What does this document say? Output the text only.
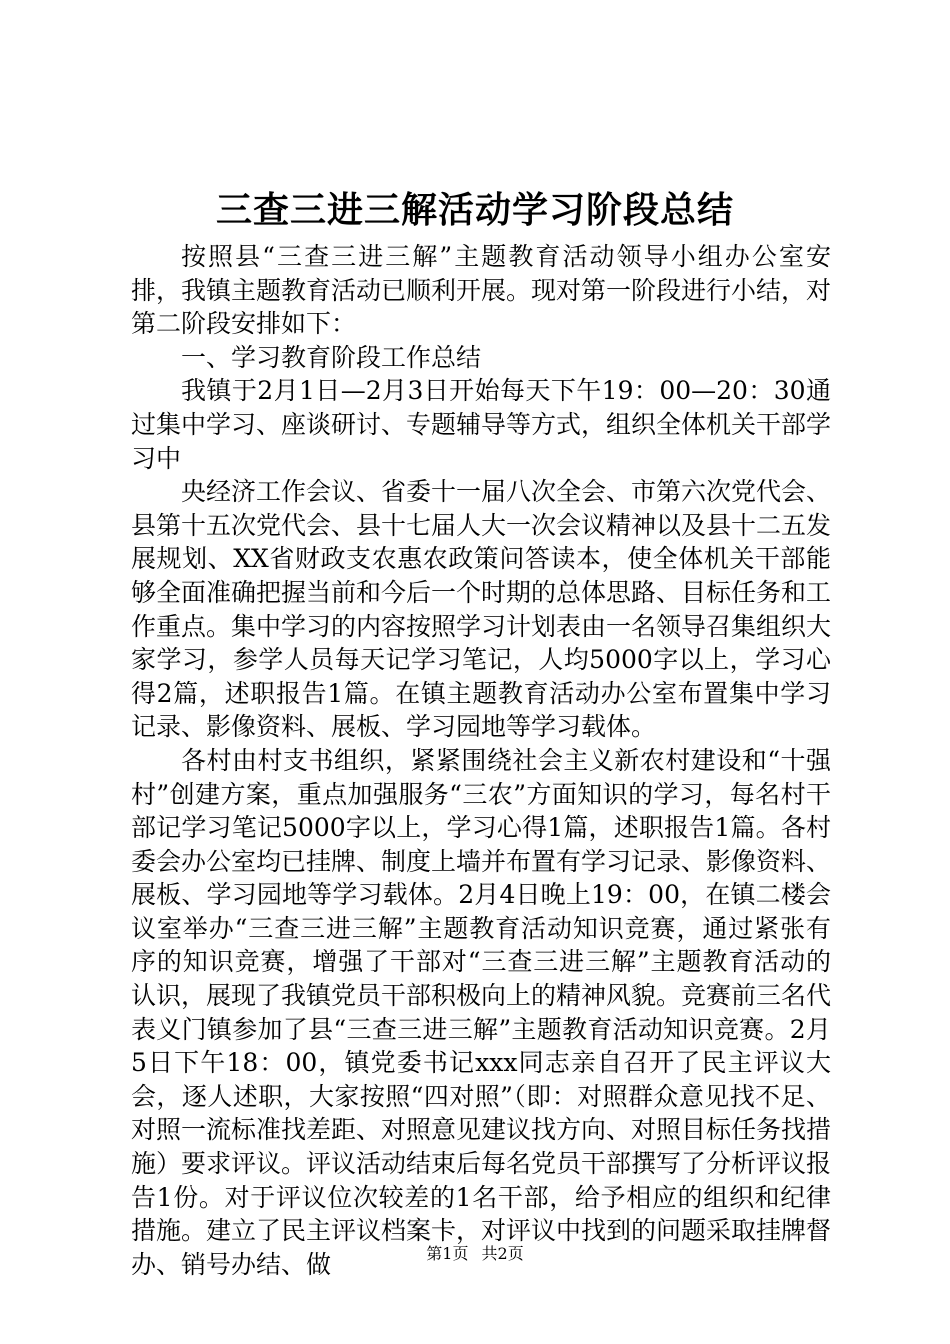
三查三进三解活动学习阶段总结

按照县“三查三进三解”主题教育活动领导小组办公室安排，我镇主题教育活动已顺利开展。现对第一阶段进行小结，对第二阶段安排如下：

一、学习教育阶段工作总结

我镇于2月1日—2月3日开始每天下午19：00—20：30通过集中学习、座谈研讨、专题辅导等方式，组织全体机关干部学习中

央经济工作会议、省委十一届八次全会、市第六次党代会、县第十五次党代会、县十七届人大一次会议精神以及县十二五发展规划、XX省财政支农惠农政策问答读本，使全体机关干部能够全面准确把握当前和今后一个时期的总体思路、目标任务和工作重点。集中学习的内容按照学习计划表由一名领导召集组织大家学习，参学人员每天记学习笔记，人均5000字以上，学习心得2篇，述职报告1篇。在镇主题教育活动办公室布置集中学习记录、影像资料、展板、学习园地等学习载体。

各村由村支书组织，紧紧围绕社会主义新农村建设和“十强村”创建方案，重点加强服务“三农”方面知识的学习，每名村干部记学习笔记5000字以上，学习心得1篇，述职报告1篇。各村委会办公室均已挂牌、制度上墙并布置有学习记录、影像资料、展板、学习园地等学习载体。2月4日晚上19：00，在镇二楼会议室举办“三查三进三解”主题教育活动知识竞赛，通过紧张有序的知识竞赛，增强了干部对“三查三进三解”主题教育活动的认识，展现了我镇党员干部积极向上的精神风貌。竞赛前三名代表义门镇参加了县“三查三进三解”主题教育活动知识竞赛。2月5日下午18：00，镇党委书记xxx同志亲自召开了民主评议大会，逐人述职，大家按照“四对照”（即：对照群众意见找不足、对照一流标准找差距、对照意见建议找方向、对照目标任务找措施）要求评议。评议活动结束后每名党员干部撰写了分析评议报告1份。对于评议位次较差的1名干部，给予相应的组织和纪律措施。建立了民主评议档案卡，对评议中找到的问题采取挂牌督办、销号办结、做	第1页 共2页
